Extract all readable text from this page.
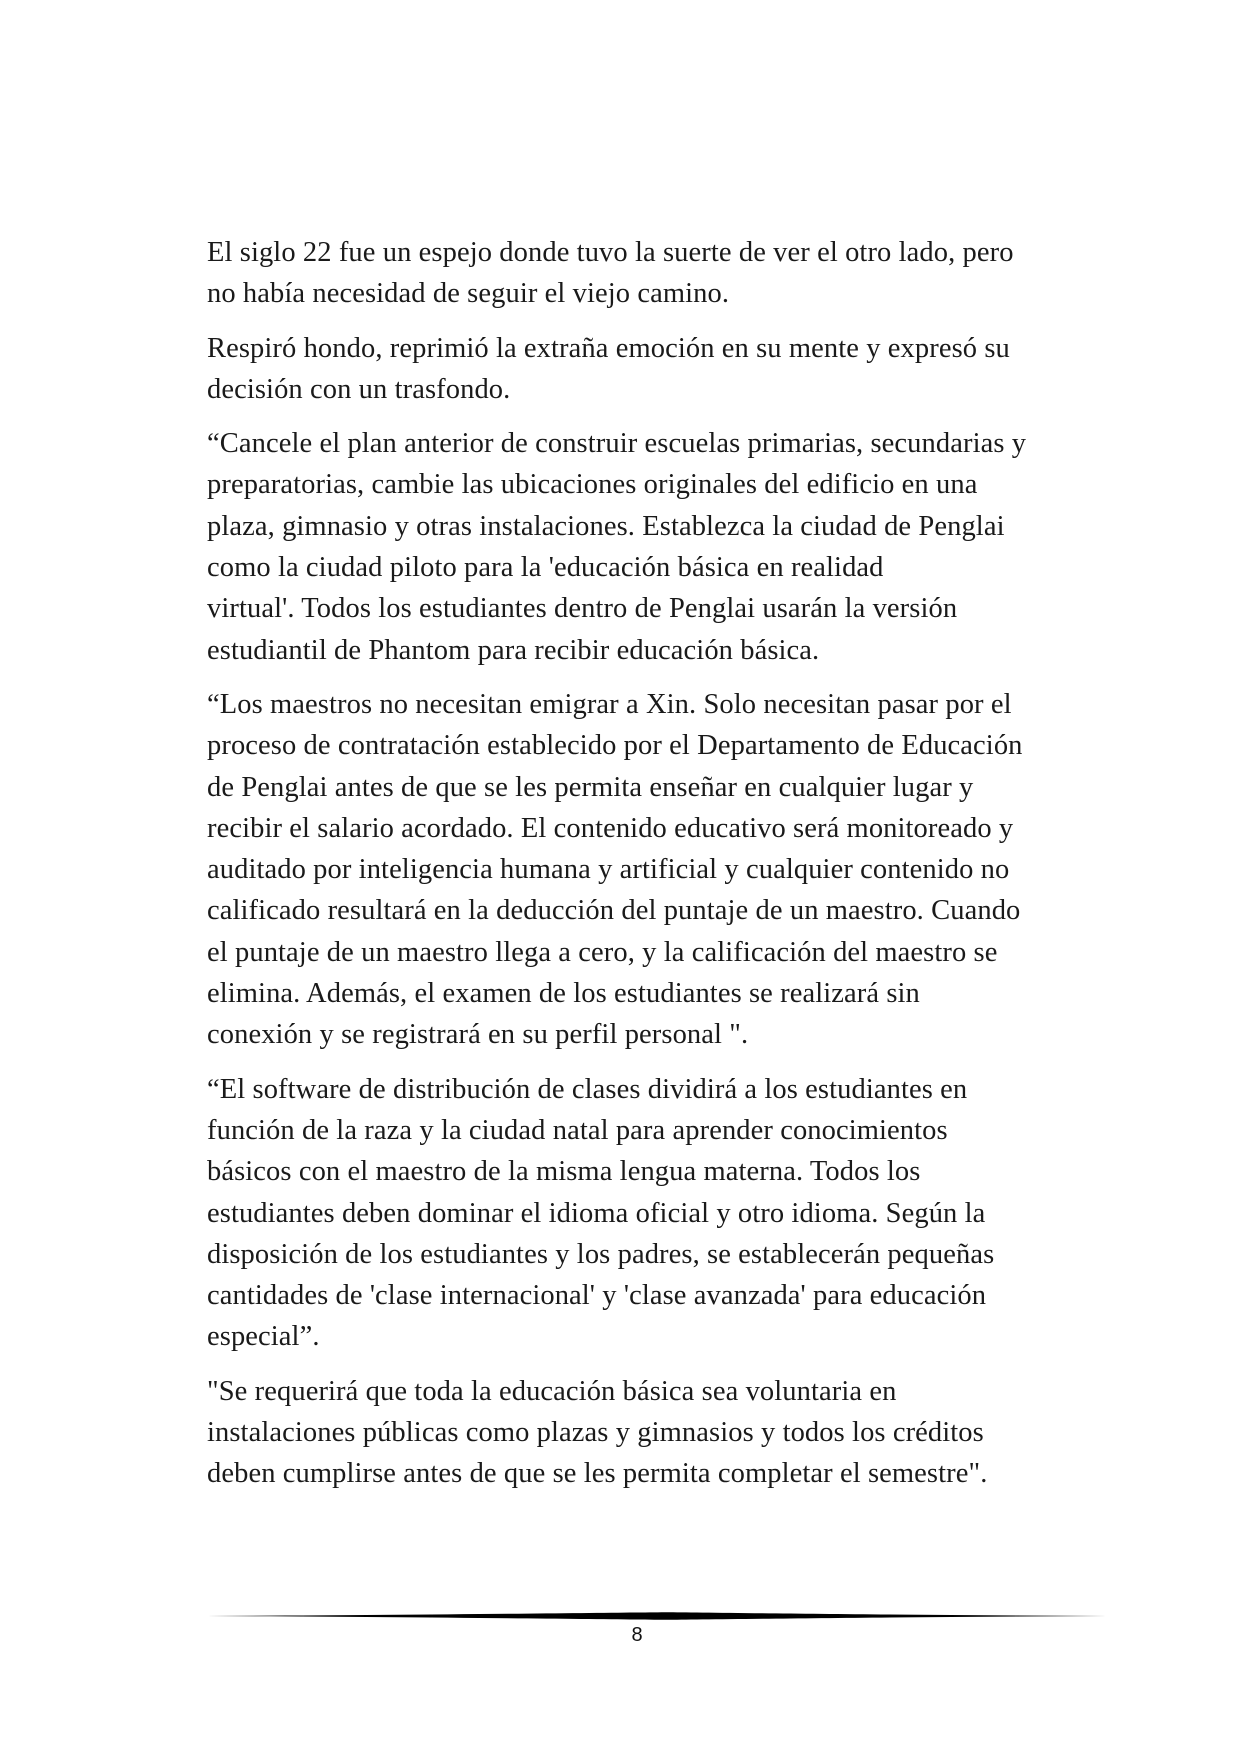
El siglo 22 fue un espejo donde tuvo la suerte de ver el otro lado, pero
no había necesidad de seguir el viejo camino.

Respiró hondo, reprimió la extraña emoción en su mente y expresó su
decisión con un trasfondo.

“Cancele el plan anterior de construir escuelas primarias, secundarias y
preparatorias, cambie las ubicaciones originales del edificio en una
plaza, gimnasio y otras instalaciones. Establezca la ciudad de Penglai
como la ciudad piloto para la 'educación básica en realidad
virtual'. Todos los estudiantes dentro de Penglai usarán la versión
estudiantil de Phantom para recibir educación básica.

“Los maestros no necesitan emigrar a Xin. Solo necesitan pasar por el
proceso de contratación establecido por el Departamento de Educación
de Penglai antes de que se les permita enseñar en cualquier lugar y
recibir el salario acordado. El contenido educativo será monitoreado y
auditado por inteligencia humana y artificial y cualquier contenido no
calificado resultará en la deducción del puntaje de un maestro. Cuando
el puntaje de un maestro llega a cero, y la calificación del maestro se
elimina. Además, el examen de los estudiantes se realizará sin
conexión y se registrará en su perfil personal ".

“El software de distribución de clases dividirá a los estudiantes en
función de la raza y la ciudad natal para aprender conocimientos
básicos con el maestro de la misma lengua materna. Todos los
estudiantes deben dominar el idioma oficial y otro idioma. Según la
disposición de los estudiantes y los padres, se establecerán pequeñas
cantidades de 'clase internacional' y 'clase avanzada' para educación
especial”.

"Se requerirá que toda la educación básica sea voluntaria en
instalaciones públicas como plazas y gimnasios y todos los créditos
deben cumplirse antes de que se les permita completar el semestre".

8
